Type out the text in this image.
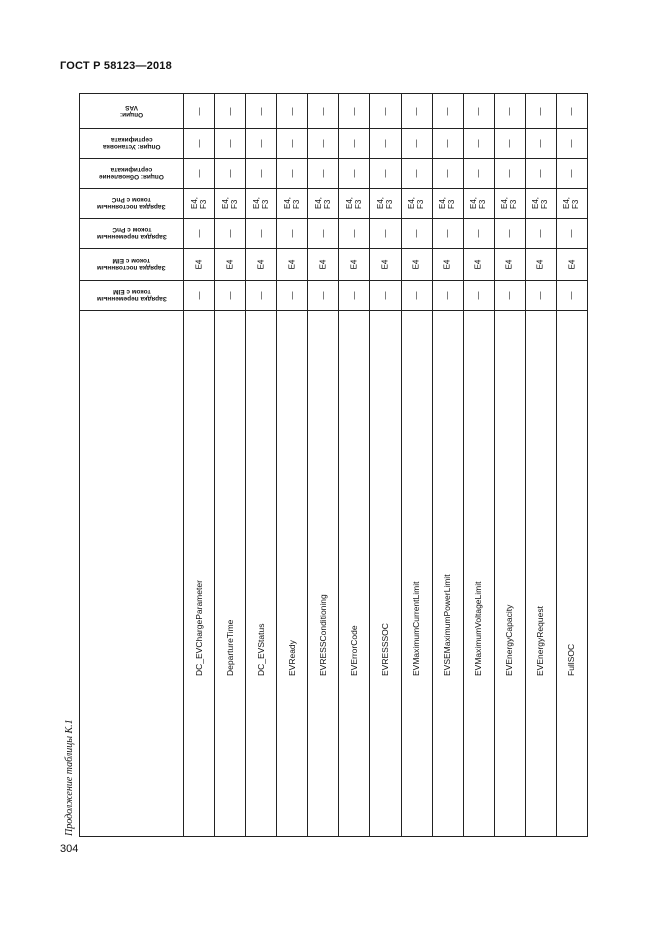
ГОСТ Р 58123—2018
Продолжение таблицы К.1
304
Опции:
VAS
Опция: Установка
сертификата
Опция: Обновление
сертификата
Зарядка постоянным
током с PnC
Зарядка переменным
током с PnC
Зарядка постоянным
током с EIM
Зарядка переменным
током с EIM
—
—
—
E4,
F3
—
E4
—
DC_EVChargeParameter
—
—
—
E4,
F3
—
E4
—
DepartureTime
—
—
—
E4,
F3
—
E4
—
DC_EVStatus
—
—
—
E4,
F3
—
E4
—
EVReady
—
—
—
E4,
F3
—
E4
—
EVRESSConditioning
—
—
—
E4,
F3
—
E4
—
EVErrorCode
—
—
—
E4,
F3
—
E4
—
EVRESSSOC
—
—
—
E4,
F3
—
E4
—
EVMaximumCurrentLimit
—
—
—
E4,
F3
—
E4
—
EVSEMaximumPowerLimit
—
—
—
E4,
F3
—
E4
—
EVMaximumVoltageLimit
—
—
—
E4,
F3
—
E4
—
EVEnergyCapacity
—
—
—
E4,
F3
—
E4
—
EVEnergyRequest
—
—
—
E4,
F3
—
E4
—
FullSOC
